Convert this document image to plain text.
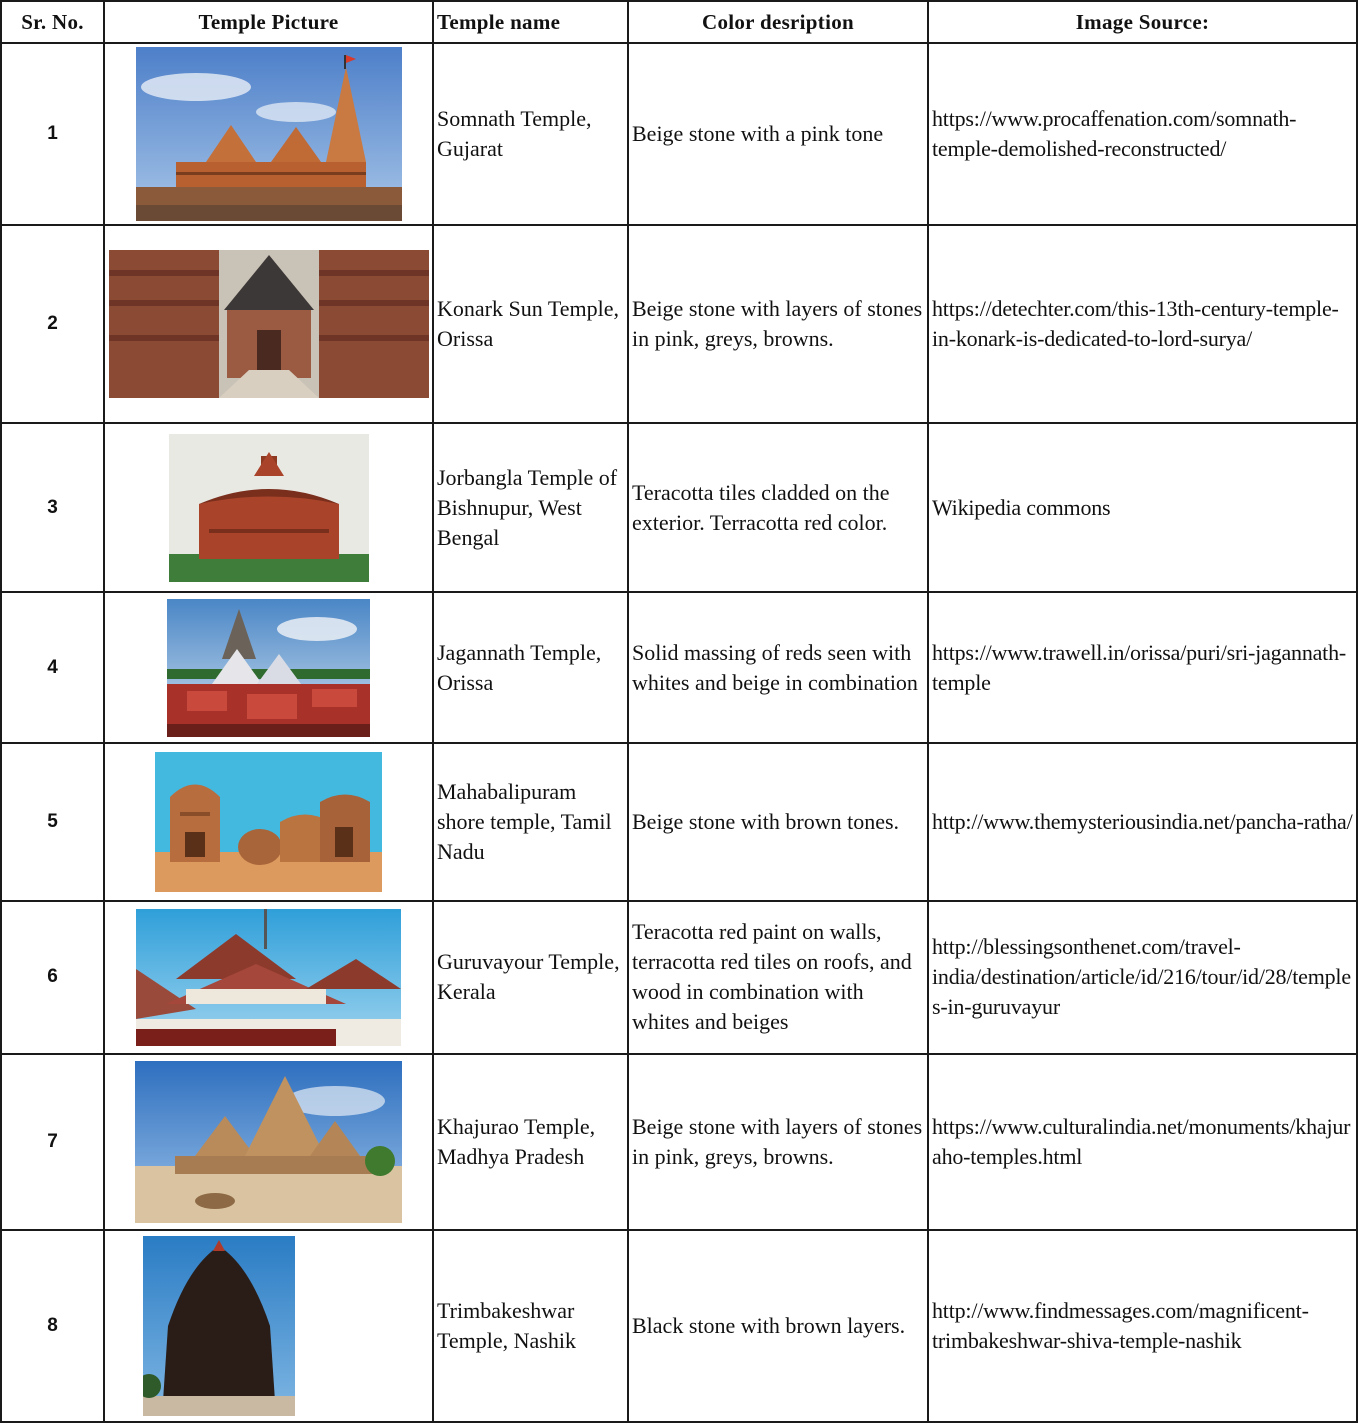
Sr. No.	Temple Picture	Temple name	Color desription	Image Source:
1		Somnath Temple, Gujarat	Beige stone with a pink tone	https://www.procaffenation.com/somnath-temple-demolished-reconstructed/
2		Konark Sun Temple, Orissa	Beige stone with layers of stones in pink, greys, browns.	https://detechter.com/this-13th-century-temple-in-konark-is-dedicated-to-lord-surya/
3		Jorbangla Temple of Bishnupur, West Bengal	Teracotta tiles cladded on the exterior. Terracotta red color.	Wikipedia commons
4		Jagannath Temple, Orissa	Solid massing of reds seen with whites and beige in combination	https://www.trawell.in/orissa/puri/sri-jagannath-temple
5		Mahabalipuram shore temple, Tamil Nadu	Beige stone with brown tones.	http://www.themysteriousindia.net/pancha-ratha/
6		Guruvayour Temple, Kerala	Teracotta red paint on walls, terracotta red tiles on roofs, and wood in combination with whites and beiges	http://blessingsonthenet.com/travel-india/destination/article/id/216/tour/id/28/temples-in-guruvayur
7		Khajurao Temple, Madhya Pradesh	Beige stone with layers of stones in pink, greys, browns.	https://www.culturalindia.net/monuments/khajuraho-temples.html
8		Trimbakeshwar Temple, Nashik	Black stone with brown layers.	http://www.findmessages.com/magnificent-trimbakeshwar-shiva-temple-nashik
